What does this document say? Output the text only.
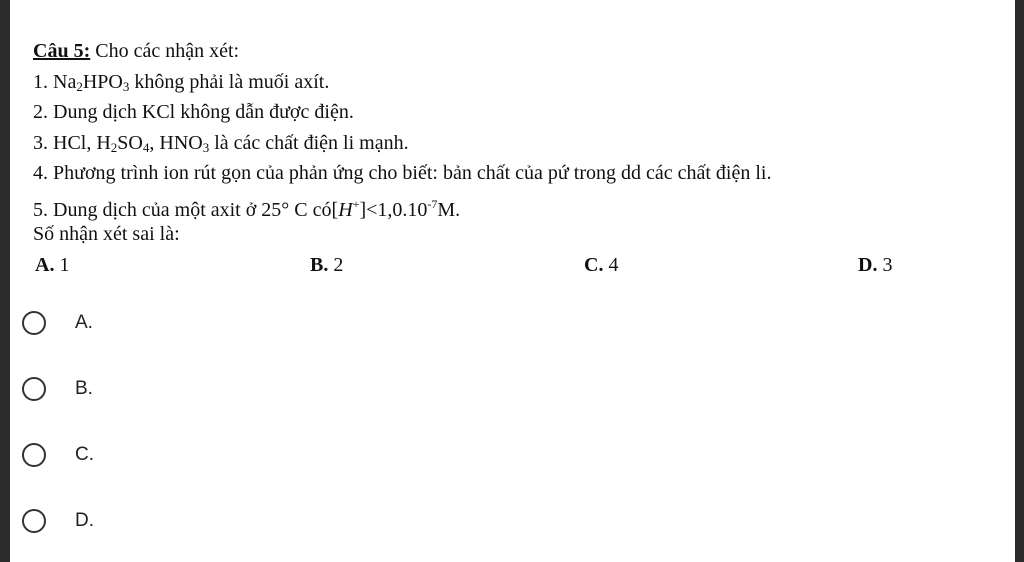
Câu 5: Cho các nhận xét:
1. Na2HPO3 không phải là muối axít.
2. Dung dịch KCl không dẫn được điện.
3. HCl, H2SO4, HNO3 là các chất điện li mạnh.
4. Phương trình ion rút gọn của phản ứng cho biết: bản chất của pứ trong dd các chất điện li.
5. Dung dịch của một axit ở 25° C $có[H^+]<1,0.10^{-7}M$.
Số nhận xét sai là:
A. 1	B. 2	C. 4	D. 3
A.
B.
C.
D.
